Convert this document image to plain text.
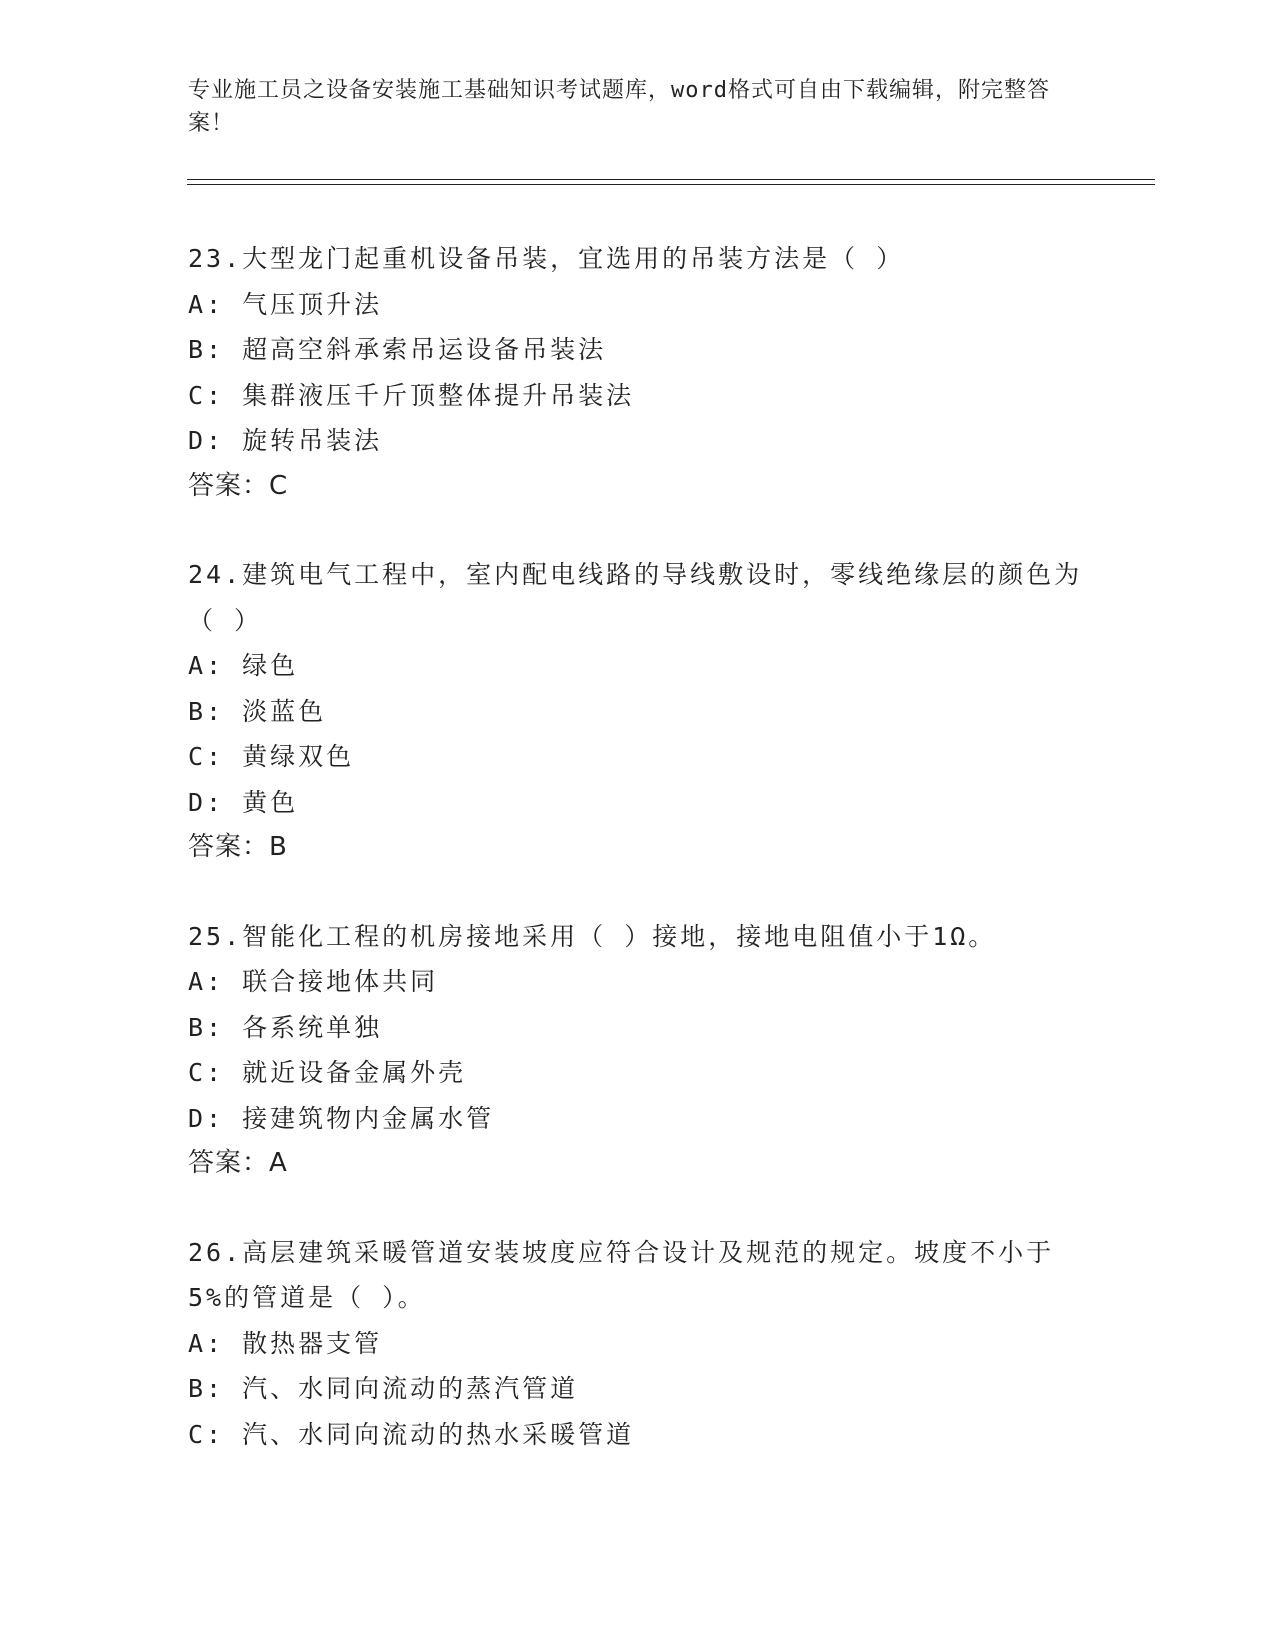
专业施工员之设备安装施工基础知识考试题库，word格式可自由下载编辑，附完整答案！
23.大型龙门起重机设备吊装，宜选用的吊装方法是（ ）
A: 气压顶升法
B: 超高空斜承索吊运设备吊装法
C: 集群液压千斤顶整体提升吊装法
D: 旋转吊装法
答案：C
24.建筑电气工程中，室内配电线路的导线敷设时，零线绝缘层的颜色为（ ）
A: 绿色
B: 淡蓝色
C: 黄绿双色
D: 黄色
答案：B
25.智能化工程的机房接地采用（ ）接地，接地电阻值小于1Ω。
A: 联合接地体共同
B: 各系统单独
C: 就近设备金属外壳
D: 接建筑物内金属水管
答案：A
26.高层建筑采暖管道安装坡度应符合设计及规范的规定。坡度不小于5%的管道是（ ）。
A: 散热器支管
B: 汽、水同向流动的蒸汽管道
C: 汽、水同向流动的热水采暖管道
